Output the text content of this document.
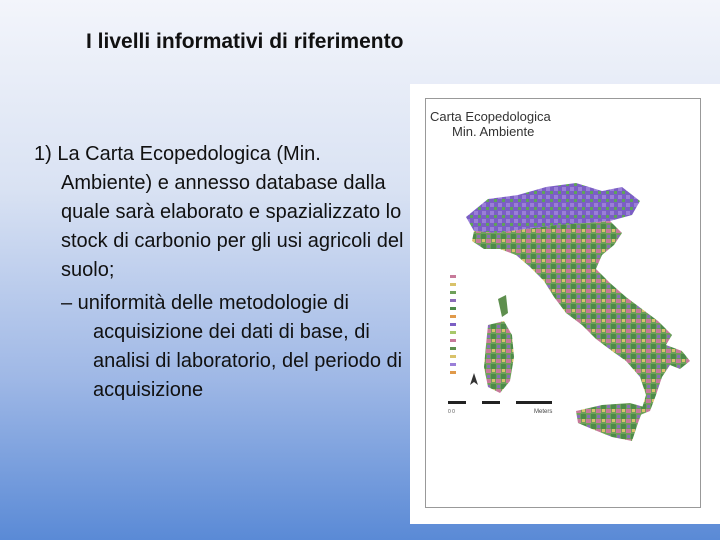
I livelli informativi di riferimento
1) La Carta Ecopedologica (Min. Ambiente) e annesso database dalla quale sarà elaborato e spazializzato lo stock di carbonio per gli usi agricoli del suolo;
– uniformità delle metodologie di acquisizione dei dati di base, di analisi di laboratorio, del periodo di acquisizione
0 0
Carta Ecopedologica
Min. Ambiente
Meters
